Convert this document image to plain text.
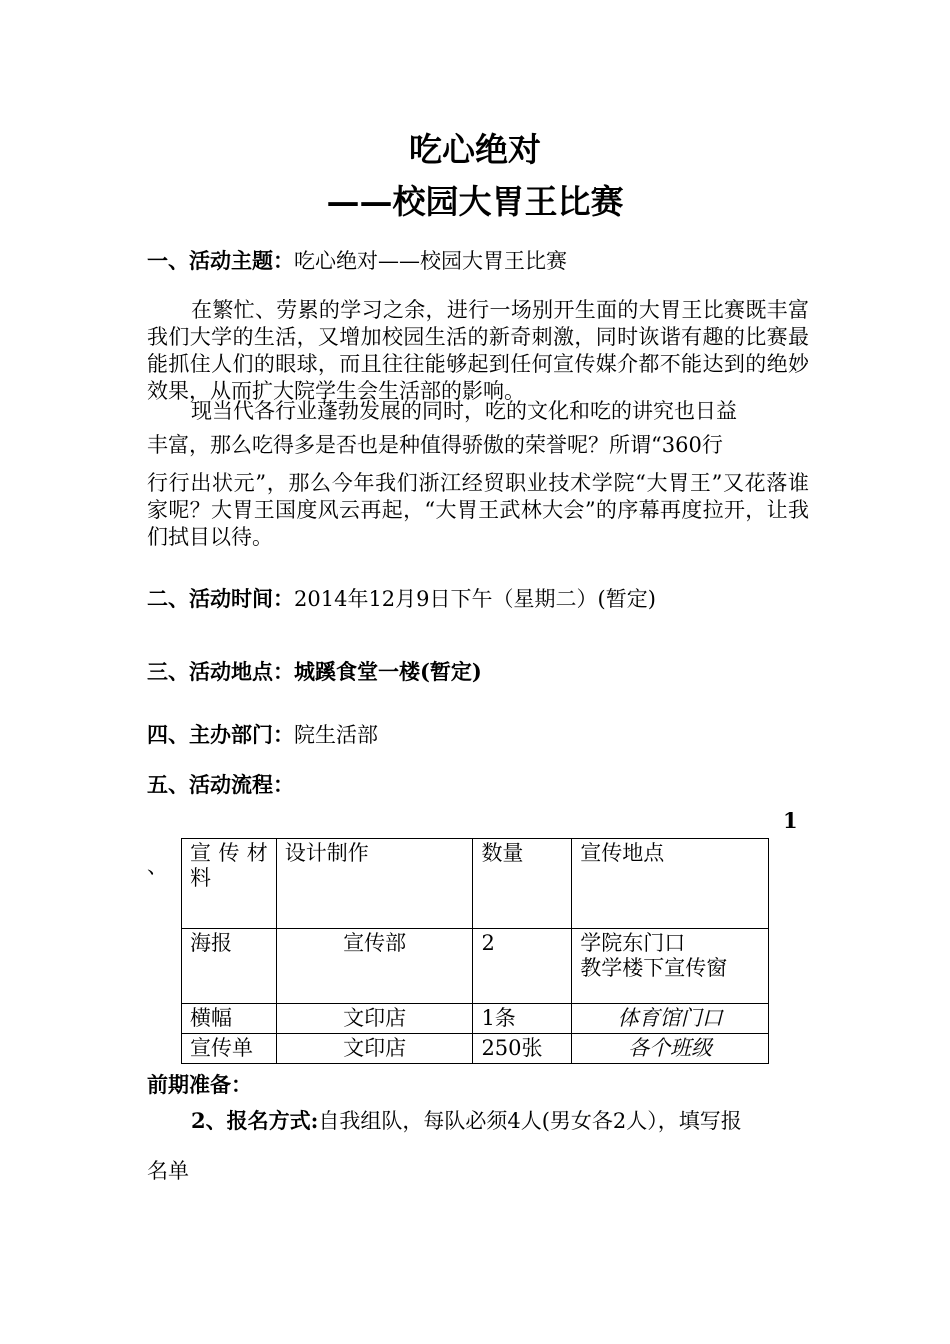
吃心绝对
——校园大胃王比赛
一、活动主题：吃心绝对——校园大胃王比赛
在繁忙、劳累的学习之余，进行一场别开生面的大胃王比赛既丰富我们大学的生活，又增加校园生活的新奇刺激，同时诙谐有趣的比赛最能抓住人们的眼球，而且往往能够起到任何宣传媒介都不能达到的绝妙效果，从而扩大院学生会生活部的影响。
现当代各行业蓬勃发展的同时，吃的文化和吃的讲究也日益
丰富，那么吃得多是否也是种值得骄傲的荣誉呢？所谓“360行
行行出状元”，那么今年我们浙江经贸职业技术学院“大胃王”又花落谁家呢？大胃王国度风云再起，“大胃王武林大会”的序幕再度拉开，让我们拭目以待。
二、活动时间：2014年12月9日下午（星期二）(暂定)
三、活动地点：城蹊食堂一楼(暂定)
四、主办部门：院生活部
五、活动流程：
1
、
宣传材料	设计制作	数量	宣传地点
海报	宣传部	2	学院东门口
教学楼下宣传窗

横幅	文印店	1条	体育馆门口
宣传单	文印店	250张	各个班级
前期准备：
2、报名方式:自我组队，每队必须4人(男女各2人），填写报
名单
